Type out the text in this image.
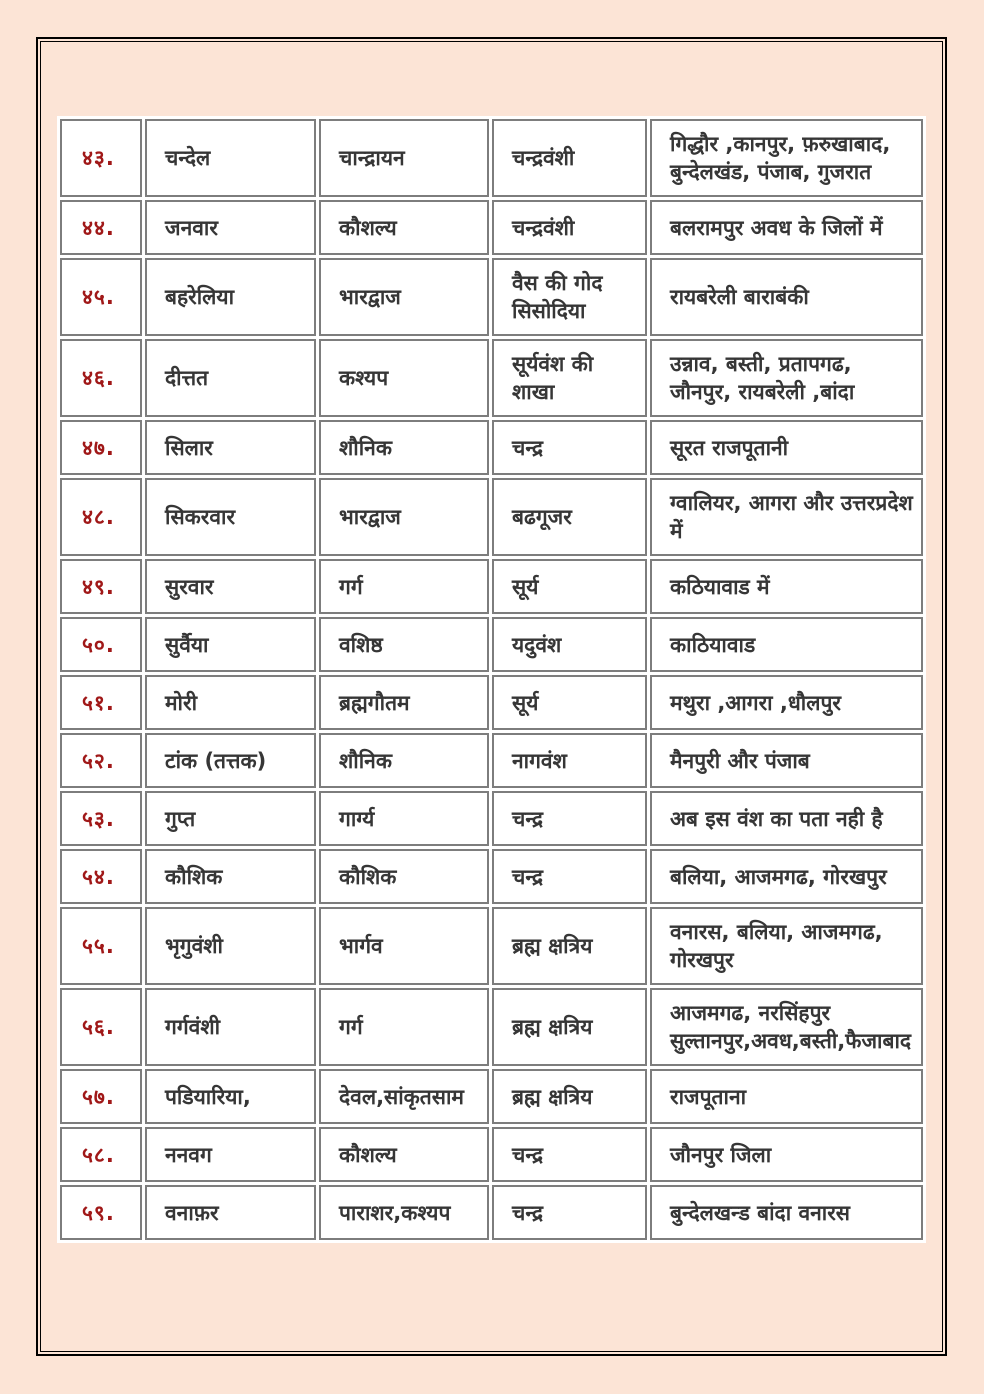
४३.	चन्देल	चान्द्रायन	चन्द्रवंशी	गिद्धौर ,कानपुर, फ़रुखाबाद, बुन्देलखंड, पंजाब, गुजरात
४४.	जनवार	कौशल्य	चन्द्रवंशी	बलरामपुर अवध के जिलों में
४५.	बहरेलिया	भारद्वाज	वैस की गोद सिसोदिया	रायबरेली बाराबंकी
४६.	दीत्तत	कश्यप	सूर्यवंश की शाखा	उन्नाव, बस्ती, प्रतापगढ, जौनपुर, रायबरेली ,बांदा
४७.	सिलार	शौनिक	चन्द्र	सूरत राजपूतानी
४८.	सिकरवार	भारद्वाज	बढगूजर	ग्वालियर, आगरा और उत्तरप्रदेश में
४९.	सुरवार	गर्ग	सूर्य	कठियावाड में
५०.	सुर्वैया	वशिष्ठ	यदुवंश	काठियावाड
५१.	मोरी	ब्रह्मगौतम	सूर्य	मथुरा ,आगरा ,धौलपुर
५२.	टांक (तत्तक)	शौनिक	नागवंश	मैनपुरी और पंजाब
५३.	गुप्त	गार्ग्य	चन्द्र	अब इस वंश का पता नही है
५४.	कौशिक	कौशिक	चन्द्र	बलिया, आजमगढ, गोरखपुर
५५.	भृगुवंशी	भार्गव	ब्रह्म क्षत्रिय	वनारस, बलिया, आजमगढ, गोरखपुर
५६.	गर्गवंशी	गर्ग	ब्रह्म क्षत्रिय	आजमगढ, नरसिंहपुर सुल्तानपुर,अवध,बस्ती,फैजाबाद
५७.	पडियारिया,	देवल,सांकृतसाम	ब्रह्म क्षत्रिय	राजपूताना
५८.	ननवग	कौशल्य	चन्द्र	जौनपुर जिला
५९.	वनाफ़र	पाराशर,कश्यप	चन्द्र	बुन्देलखन्ड बांदा वनारस
